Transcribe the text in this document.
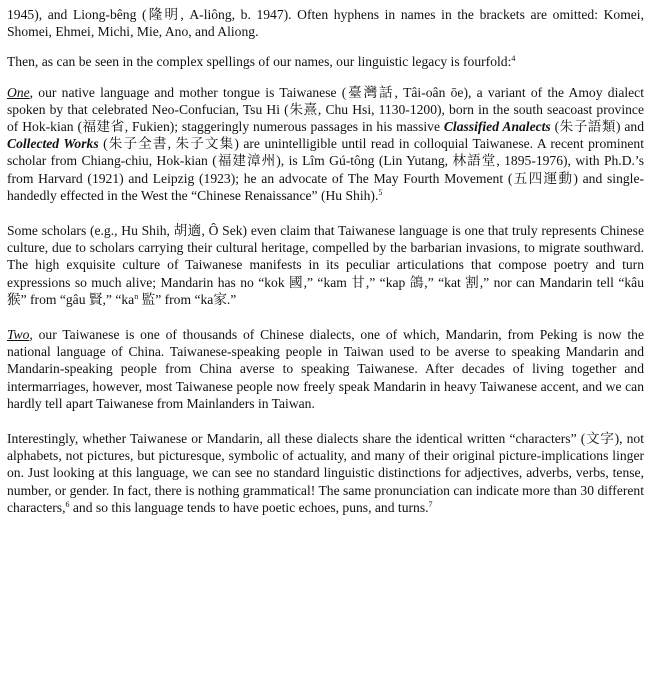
1945), and Liong-bêng (隆明, A-liông, b. 1947). Often hyphens in names in the brackets are omitted: Komei, Shomei, Ehmei, Michi, Mie, Ano, and Aliong.

Then, as can be seen in the complex spellings of our names, our linguistic legacy is fourfold:$^4$

One, our native language and mother tongue is Taiwanese (臺灣話, Tâi-oân ōe), a variant of the Amoy dialect spoken by that celebrated Neo-Confucian, Tsu Hi (朱熹, Chu Hsi, 1130-1200), born in the south seacoast province of Hok-kian (福建省, Fukien); staggeringly numerous passages in his massive Classified Analects (朱子語類) and Collected Works (朱子全書, 朱子文集) are unintelligible until read in colloquial Taiwanese. A recent prominent scholar from Chiang-chiu, Hok-kian (福建漳州), is Lîm Gú-tông (Lin Yutang, 林語堂, 1895-1976), with Ph.D.’s from Harvard (1921) and Leipzig (1923); he an advocate of The May Fourth Movement (五四運動) and single-handedly effected in the West the “Chinese Renaissance” (Hu Shih).$^5$

Some scholars (e.g., Hu Shih, 胡適, Ô Sek) even claim that Taiwanese language is one that truly represents Chinese culture, due to scholars carrying their cultural heritage, compelled by the barbarian invasions, to migrate southward. The high exquisite culture of Taiwanese manifests in its peculiar articulations that compose poetry and turn expressions so much alive; Mandarin has no “kok 國,” “kam 甘,” “kap 鴿,” “kat 割,” nor can Mandarin tell “kâu 猴” from “gâu 賢,” “$ka^n$ 監” from “ka家.”

Two, our Taiwanese is one of thousands of Chinese dialects, one of which, Mandarin, from Peking is now the national language of China. Taiwanese-speaking people in Taiwan used to be averse to speaking Mandarin and Mandarin-speaking people from China averse to speaking Taiwanese. After decades of living together and intermarriages, however, most Taiwanese people now freely speak Mandarin in heavy Taiwanese accent, and we can hardly tell apart Taiwanese from Mainlanders in Taiwan.

Interestingly, whether Taiwanese or Mandarin, all these dialects share the identical written “characters” (文字), not alphabets, not pictures, but picturesque, symbolic of actuality, and many of their original picture-implications linger on. Just looking at this language, we can see no standard linguistic distinctions for adjectives, adverbs, verbs, tense, number, or gender. In fact, there is nothing grammatical! The same pronunciation can indicate more than 30 different characters,$^6$ and so this language tends to have poetic echoes, puns, and turns.$^7$
